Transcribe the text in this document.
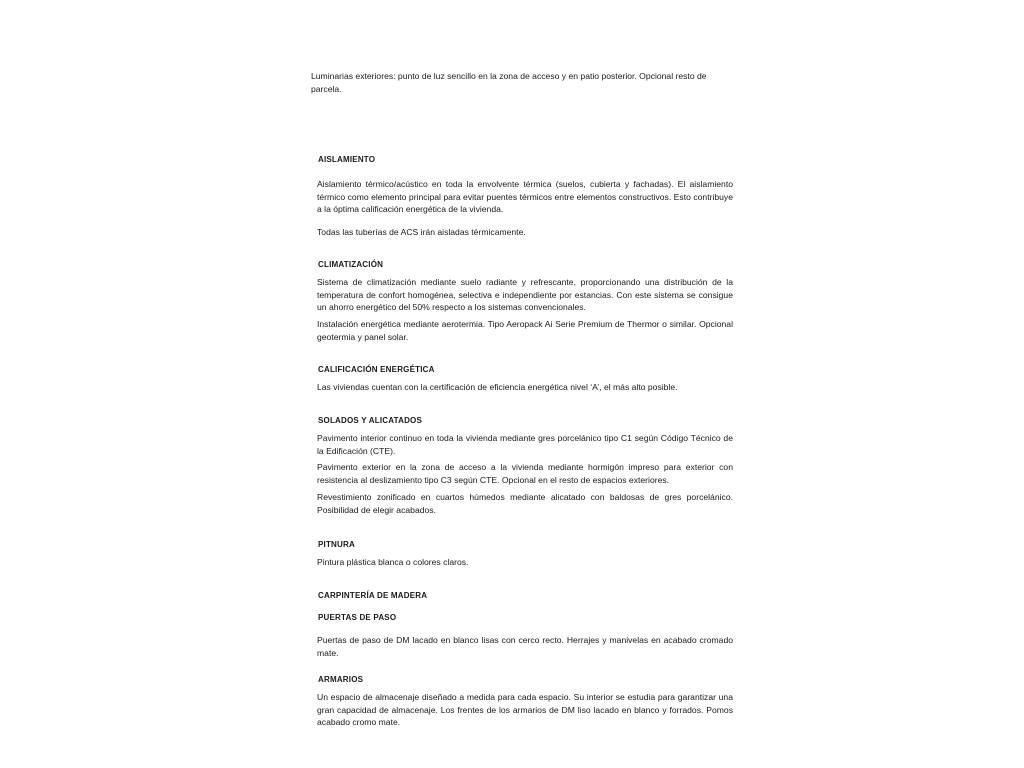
Luminarias exteriores: punto de luz sencillo en la zona de acceso y en patio posterior. Opcional resto de parcela.

AISLAMIENTO

Aislamiento térmico/acústico en toda la envolvente térmica (suelos, cubierta y fachadas). El aislamiento térmico como elemento principal para evitar puentes térmicos entre elementos constructivos. Esto contribuye a la óptima calificación energética de la vivienda.

Todas las tuberías de ACS irán aisladas térmicamente.

CLIMATIZACIÓN

Sistema de climatización mediante suelo radiante y refrescante, proporcionando una distribución de la temperatura de confort homogénea, selectiva e independiente por estancias. Con este sistema se consigue un ahorro energético del 50% respecto a los sistemas convencionales.

Instalación energética mediante aerotermia. Tipo Aeropack Ai Serie Premium de Thermor o similar. Opcional geotermia y panel solar.

CALIFICACIÓN ENERGÉTICA

Las viviendas cuentan con la certificación de eficiencia energética nivel ‘A’, el más alto posible.

SOLADOS Y ALICATADOS

Pavimento interior continuo en toda la vivienda mediante gres porcelánico tipo C1 según Código Técnico de la Edificación (CTE).

Pavimento exterior en la zona de acceso a la vivienda mediante hormigón impreso para exterior con resistencia al deslizamiento tipo C3 según CTE. Opcional en el resto de espacios exteriores.

Revestimiento zonificado en cuartos húmedos mediante alicatado con baldosas de gres porcelánico. Posibilidad de elegir acabados.

PITNURA

Pintura plástica blanca o colores claros.

CARPINTERÍA DE MADERA
PUERTAS DE PASO

Puertas de paso de DM lacado en blanco lisas con cerco recto. Herrajes y manivelas en acabado cromado mate.

ARMARIOS

Un espacio de almacenaje diseñado a medida para cada espacio. Su interior se estudia para garantizar una gran capacidad de almacenaje. Los frentes de los armarios de DM liso lacado en blanco y forrados. Pomos acabado cromo mate.
